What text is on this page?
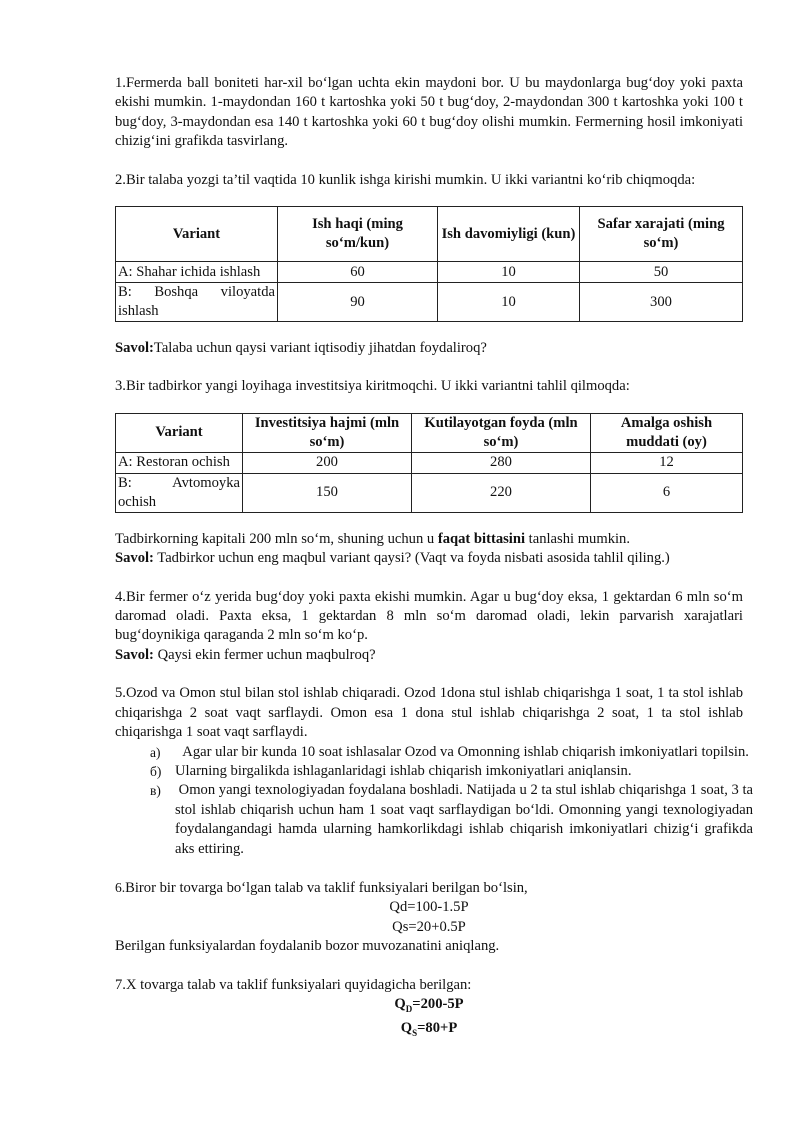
1.Fermerda ball boniteti har-xil bo‘lgan uchta ekin maydoni bor. U bu maydonlarga bug‘doy yoki paxta ekishi mumkin. 1-maydondan 160 t kartoshka yoki 50 t bug‘doy, 2-maydondan 300 t kartoshka yoki 100 t bug‘doy, 3-maydondan esa 140 t kartoshka yoki 60 t bug‘doy olishi mumkin. Fermerning hosil imkoniyati chizig‘ini grafikda tasvirlang.

2.Bir talaba yozgi ta’til vaqtida 10 kunlik ishga kirishi mumkin. U ikki variantni ko‘rib chiqmoqda:

Variant	Ish haqi (ming so‘m/kun)	Ish davomiyligi (kun)	Safar xarajati (ming so‘m)
A: Shahar ichida ishlash	60	10	50
B: Boshqa viloyatda ishlash	90	10	300

Savol:Talaba uchun qaysi variant iqtisodiy jihatdan foydaliroq?

3.Bir tadbirkor yangi loyihaga investitsiya kiritmoqchi. U ikki variantni tahlil qilmoqda:

Variant	Investitsiya hajmi (mln so‘m)	Kutilayotgan foyda (mln so‘m)	Amalga oshish muddati (oy)
A: Restoran ochish	200	280	12
B: Avtomoyka ochish	150	220	6

Tadbirkorning kapitali 200 mln so‘m, shuning uchun u faqat bittasini tanlashi mumkin.

Savol: Tadbirkor uchun eng maqbul variant qaysi? (Vaqt va foyda nisbati asosida tahlil qiling.)

4.Bir fermer o‘z yerida bug‘doy yoki paxta ekishi mumkin. Agar u bug‘doy eksa, 1 gektardan 6 mln so‘m daromad oladi. Paxta eksa, 1 gektardan 8 mln so‘m daromad oladi, lekin parvarish xarajatlari bug‘doynikiga qaraganda 2 mln so‘m ko‘p.

Savol: Qaysi ekin fermer uchun maqbulroq?

5.Ozod va Omon stul bilan stol ishlab chiqaradi. Ozod 1dona stul ishlab chiqarishga 1 soat, 1 ta stol ishlab chiqarishga 2 soat vaqt sarflaydi. Omon esa 1 dona stul ishlab chiqarishga 2 soat, 1 ta stol ishlab chiqarishga 1 soat vaqt sarflaydi.

a) Agar ular bir kunda 10 soat ishlasalar Ozod va Omonning ishlab chiqarish imkoniyatlari topilsin.
б) Ularning birgalikda ishlaganlaridagi ishlab chiqarish imkoniyatlari aniqlansin.
в) Omon yangi texnologiyadan foydalana boshladi. Natijada u 2 ta stul ishlab chiqarishga 1 soat, 3 ta stol ishlab chiqarish uchun ham 1 soat vaqt sarflaydigan bo‘ldi. Omonning yangi texnologiyadan foydalangandagi hamda ularning hamkorlikdagi ishlab chiqarish imkoniyatlari chizig‘i grafikda aks ettiring.

6.Biror bir tovarga bo‘lgan talab va taklif funksiyalari berilgan bo‘lsin,

Qd=100-1.5P

Qs=20+0.5P

Berilgan funksiyalardan foydalanib bozor muvozanatini aniqlang.

7.X tovarga talab va taklif funksiyalari quyidagicha berilgan:

$Q_D=200-5P$

$Q_S=80+P$
